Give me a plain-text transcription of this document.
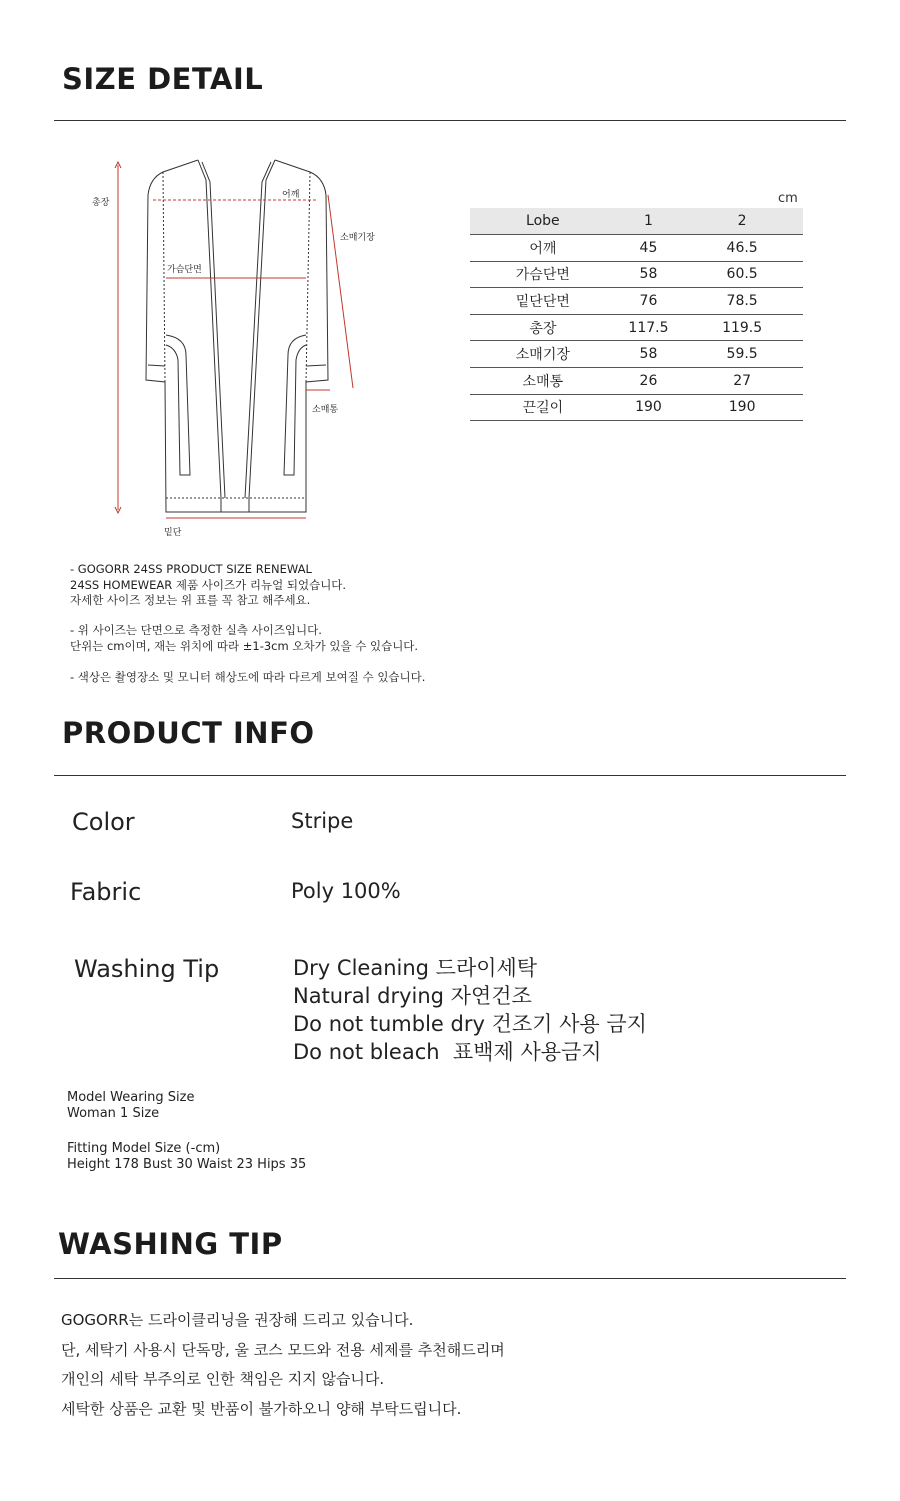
SIZE DETAIL
총장
어깨
소매기장
가슴단면
소매통
밑단
cm
Lobe	1	2
어깨	45	46.5
가슴단면	58	60.5
밑단단면	76	78.5
총장	117.5	119.5
소매기장	58	59.5
소매통	26	27
끈길이	190	190
- GOGORR 24SS PRODUCT SIZE RENEWAL
24SS HOMEWEAR 제품 사이즈가 리뉴얼 되었습니다.
자세한 사이즈 정보는 위 표를 꼭 참고 해주세요.
- 위 사이즈는 단면으로 측정한 실측 사이즈입니다.
단위는 cm이며, 재는 위치에 따라 ±1-3cm 오차가 있을 수 있습니다.
- 색상은 촬영장소 및 모니터 해상도에 따라 다르게 보여질 수 있습니다.
PRODUCT INFO
Color	Stripe
Fabric	Poly 100%
Washing Tip	Dry Cleaning 드라이세탁
Natural drying 자연건조
Do not tumble dry 건조기 사용 금지
Do not bleach  표백제 사용금지
Model Wearing Size
Woman 1 Size
Fitting Model Size (-cm)
Height 178 Bust 30 Waist 23 Hips 35
WASHING TIP
GOGORR는 드라이클리닝을 권장해 드리고 있습니다.
단, 세탁기 사용시 단독망, 울 코스 모드와 전용 세제를 추천해드리며
개인의 세탁 부주의로 인한 책임은 지지 않습니다.
세탁한 상품은 교환 및 반품이 불가하오니 양해 부탁드립니다.
